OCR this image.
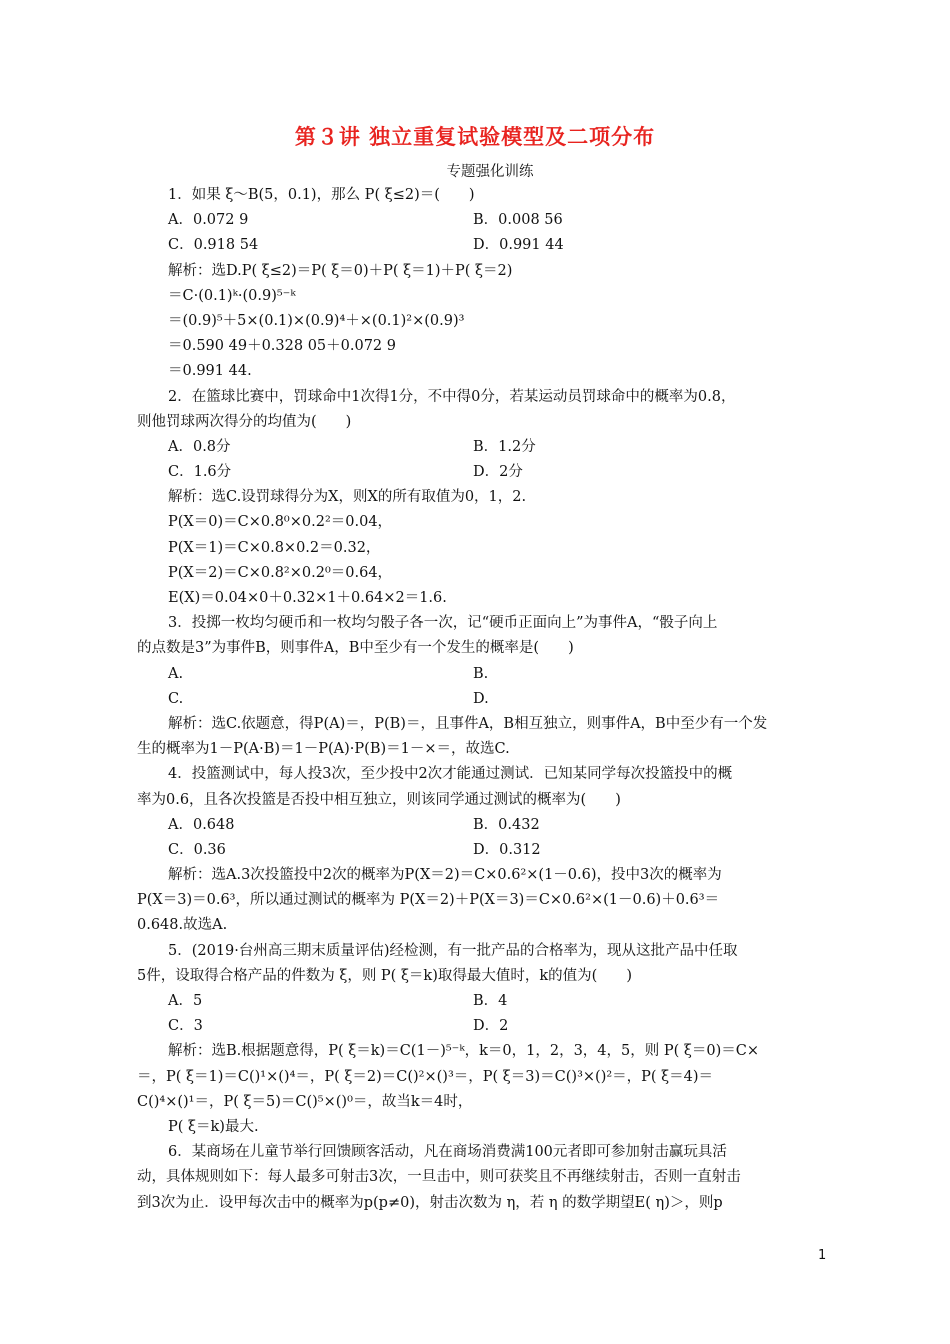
第３讲 独立重复试验模型及二项分布
专题强化训练
1．如果 ξ～B(5，0.1)，那么 P( ξ≤2)＝(　　)
A．0.072 9	B．0.008 56
C．0.918 54	D．0.991 44
解析：选D.P( ξ≤2)＝P( ξ＝0)＋P( ξ＝1)＋P( ξ＝2)
＝C·(0.1)ᵏ·(0.9)⁵⁻ᵏ
＝(0.9)⁵＋5×(0.1)×(0.9)⁴＋×(0.1)²×(0.9)³
＝0.590 49＋0.328 05＋0.072 9
＝0.991 44.
2．在篮球比赛中，罚球命中1次得1分，不中得0分，若某运动员罚球命中的概率为0.8，
则他罚球两次得分的均值为(　　)
A．0.8分	B．1.2分
C．1.6分	D．2分
解析：选C.设罚球得分为X，则X的所有取值为0，1，2.
P(X＝0)＝C×0.8⁰×0.2²＝0.04，
P(X＝1)＝C×0.8×0.2＝0.32，
P(X＝2)＝C×0.8²×0.2⁰＝0.64，
E(X)＝0.04×0＋0.32×1＋0.64×2＝1.6.
3．投掷一枚均匀硬币和一枚均匀骰子各一次，记“硬币正面向上”为事件A，“骰子向上
的点数是3”为事件B，则事件A，B中至少有一个发生的概率是(　　)
A.	B.
C.	D.
解析：选C.依题意，得P(A)＝，P(B)＝，且事件A，B相互独立，则事件A，B中至少有一个发
生的概率为1－P(A·B)＝1－P(A)·P(B)＝1－×＝，故选C.
4．投篮测试中，每人投3次，至少投中2次才能通过测试．已知某同学每次投篮投中的概
率为0.6，且各次投篮是否投中相互独立，则该同学通过测试的概率为(　　)
A．0.648	B．0.432
C．0.36	D．0.312
解析：选A.3次投篮投中2次的概率为P(X＝2)＝C×0.6²×(1－0.6)，投中3次的概率为
P(X＝3)＝0.6³，所以通过测试的概率为 P(X＝2)＋P(X＝3)＝C×0.6²×(1－0.6)＋0.6³＝
0.648.故选A.
5．(2019·台州高三期末质量评估)经检测，有一批产品的合格率为，现从这批产品中任取
5件，设取得合格产品的件数为 ξ，则 P( ξ＝k)取得最大值时，k的值为(　　)
A．5	B．4
C．3	D．2
解析：选B.根据题意得，P( ξ＝k)＝C(1－)⁵⁻ᵏ，k＝0，1，2，3，4，5，则 P( ξ＝0)＝C×
＝，P( ξ＝1)＝C()¹×()⁴＝，P( ξ＝2)＝C()²×()³＝，P( ξ＝3)＝C()³×()²＝，P( ξ＝4)＝
C()⁴×()¹＝，P( ξ＝5)＝C()⁵×()⁰＝，故当k＝4时，
P( ξ＝k)最大.
6．某商场在儿童节举行回馈顾客活动，凡在商场消费满100元者即可参加射击赢玩具活
动，具体规则如下：每人最多可射击3次，一旦击中，则可获奖且不再继续射击，否则一直射击
到3次为止．设甲每次击中的概率为p(p≠0)，射击次数为 η，若 η 的数学期望E( η)＞，则p
1
